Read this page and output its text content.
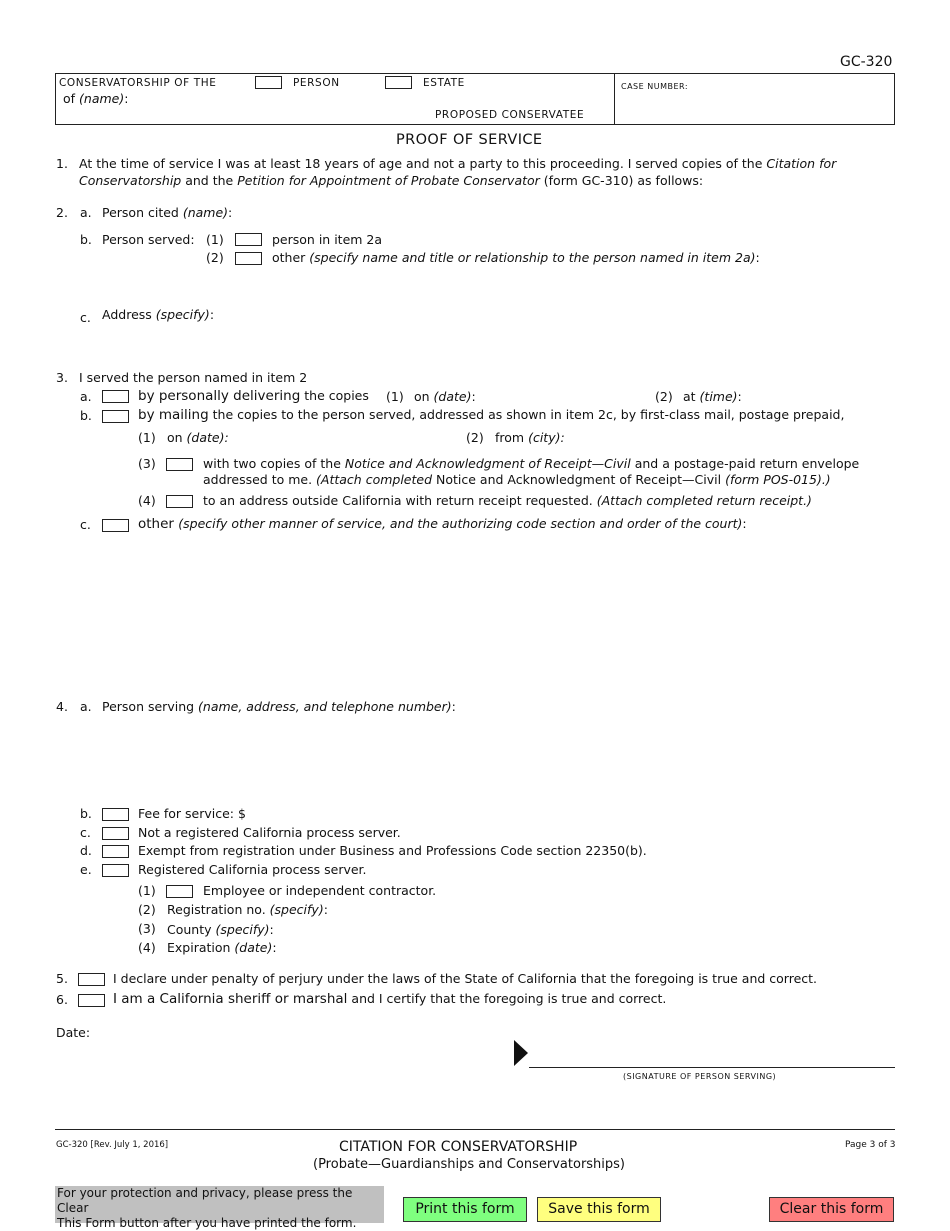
GC-320
CONSERVATORSHIP OF THE	PERSON	ESTATE
of (name):
PROPOSED CONSERVATEE
CASE NUMBER:
PROOF OF SERVICE
1. At the time of service I was at least 18 years of age and not a party to this proceeding. I served copies of the Citation for
Conservatorship and the Petition for Appointment of Probate Conservator (form GC-310) as follows:
2. a. Person cited (name):
b. Person served: (1)	person in item 2a
(2)	other (specify name and title or relationship to the person named in item 2a):
c. Address (specify):
3. I served the person named in item 2
a.	by personally delivering the copies (1) on (date):	(2) at (time):
b.	by mailing the copies to the person served, addressed as shown in item 2c, by first-class mail, postage prepaid,
(1) on (date):	(2) from (city):
(3)	with two copies of the Notice and Acknowledgment of Receipt—Civil and a postage-paid return envelope
addressed to me. (Attach completed Notice and Acknowledgment of Receipt—Civil (form POS-015).)
(4)	to an address outside California with return receipt requested. (Attach completed return receipt.)
c.	other (specify other manner of service, and the authorizing code section and order of the court):
4. a. Person serving (name, address, and telephone number):
b.	Fee for service: $
c.	Not a registered California process server.
d.	Exempt from registration under Business and Professions Code section 22350(b).
e.	Registered California process server.
(1)	Employee or independent contractor.
(2) Registration no. (specify):
(3) County (specify):
(4) Expiration (date):
5.	I declare under penalty of perjury under the laws of the State of California that the foregoing is true and correct.
6.	I am a California sheriff or marshal and I certify that the foregoing is true and correct.
Date:
(SIGNATURE OF PERSON SERVING)
GC-320 [Rev. July 1, 2016]	CITATION FOR CONSERVATORSHIP
(Probate—Guardianships and Conservatorships)
Page 3 of 3
For your protection and privacy, please press the Clear
This Form button after you have printed the form.
Print this form	Save this form	Clear this form
